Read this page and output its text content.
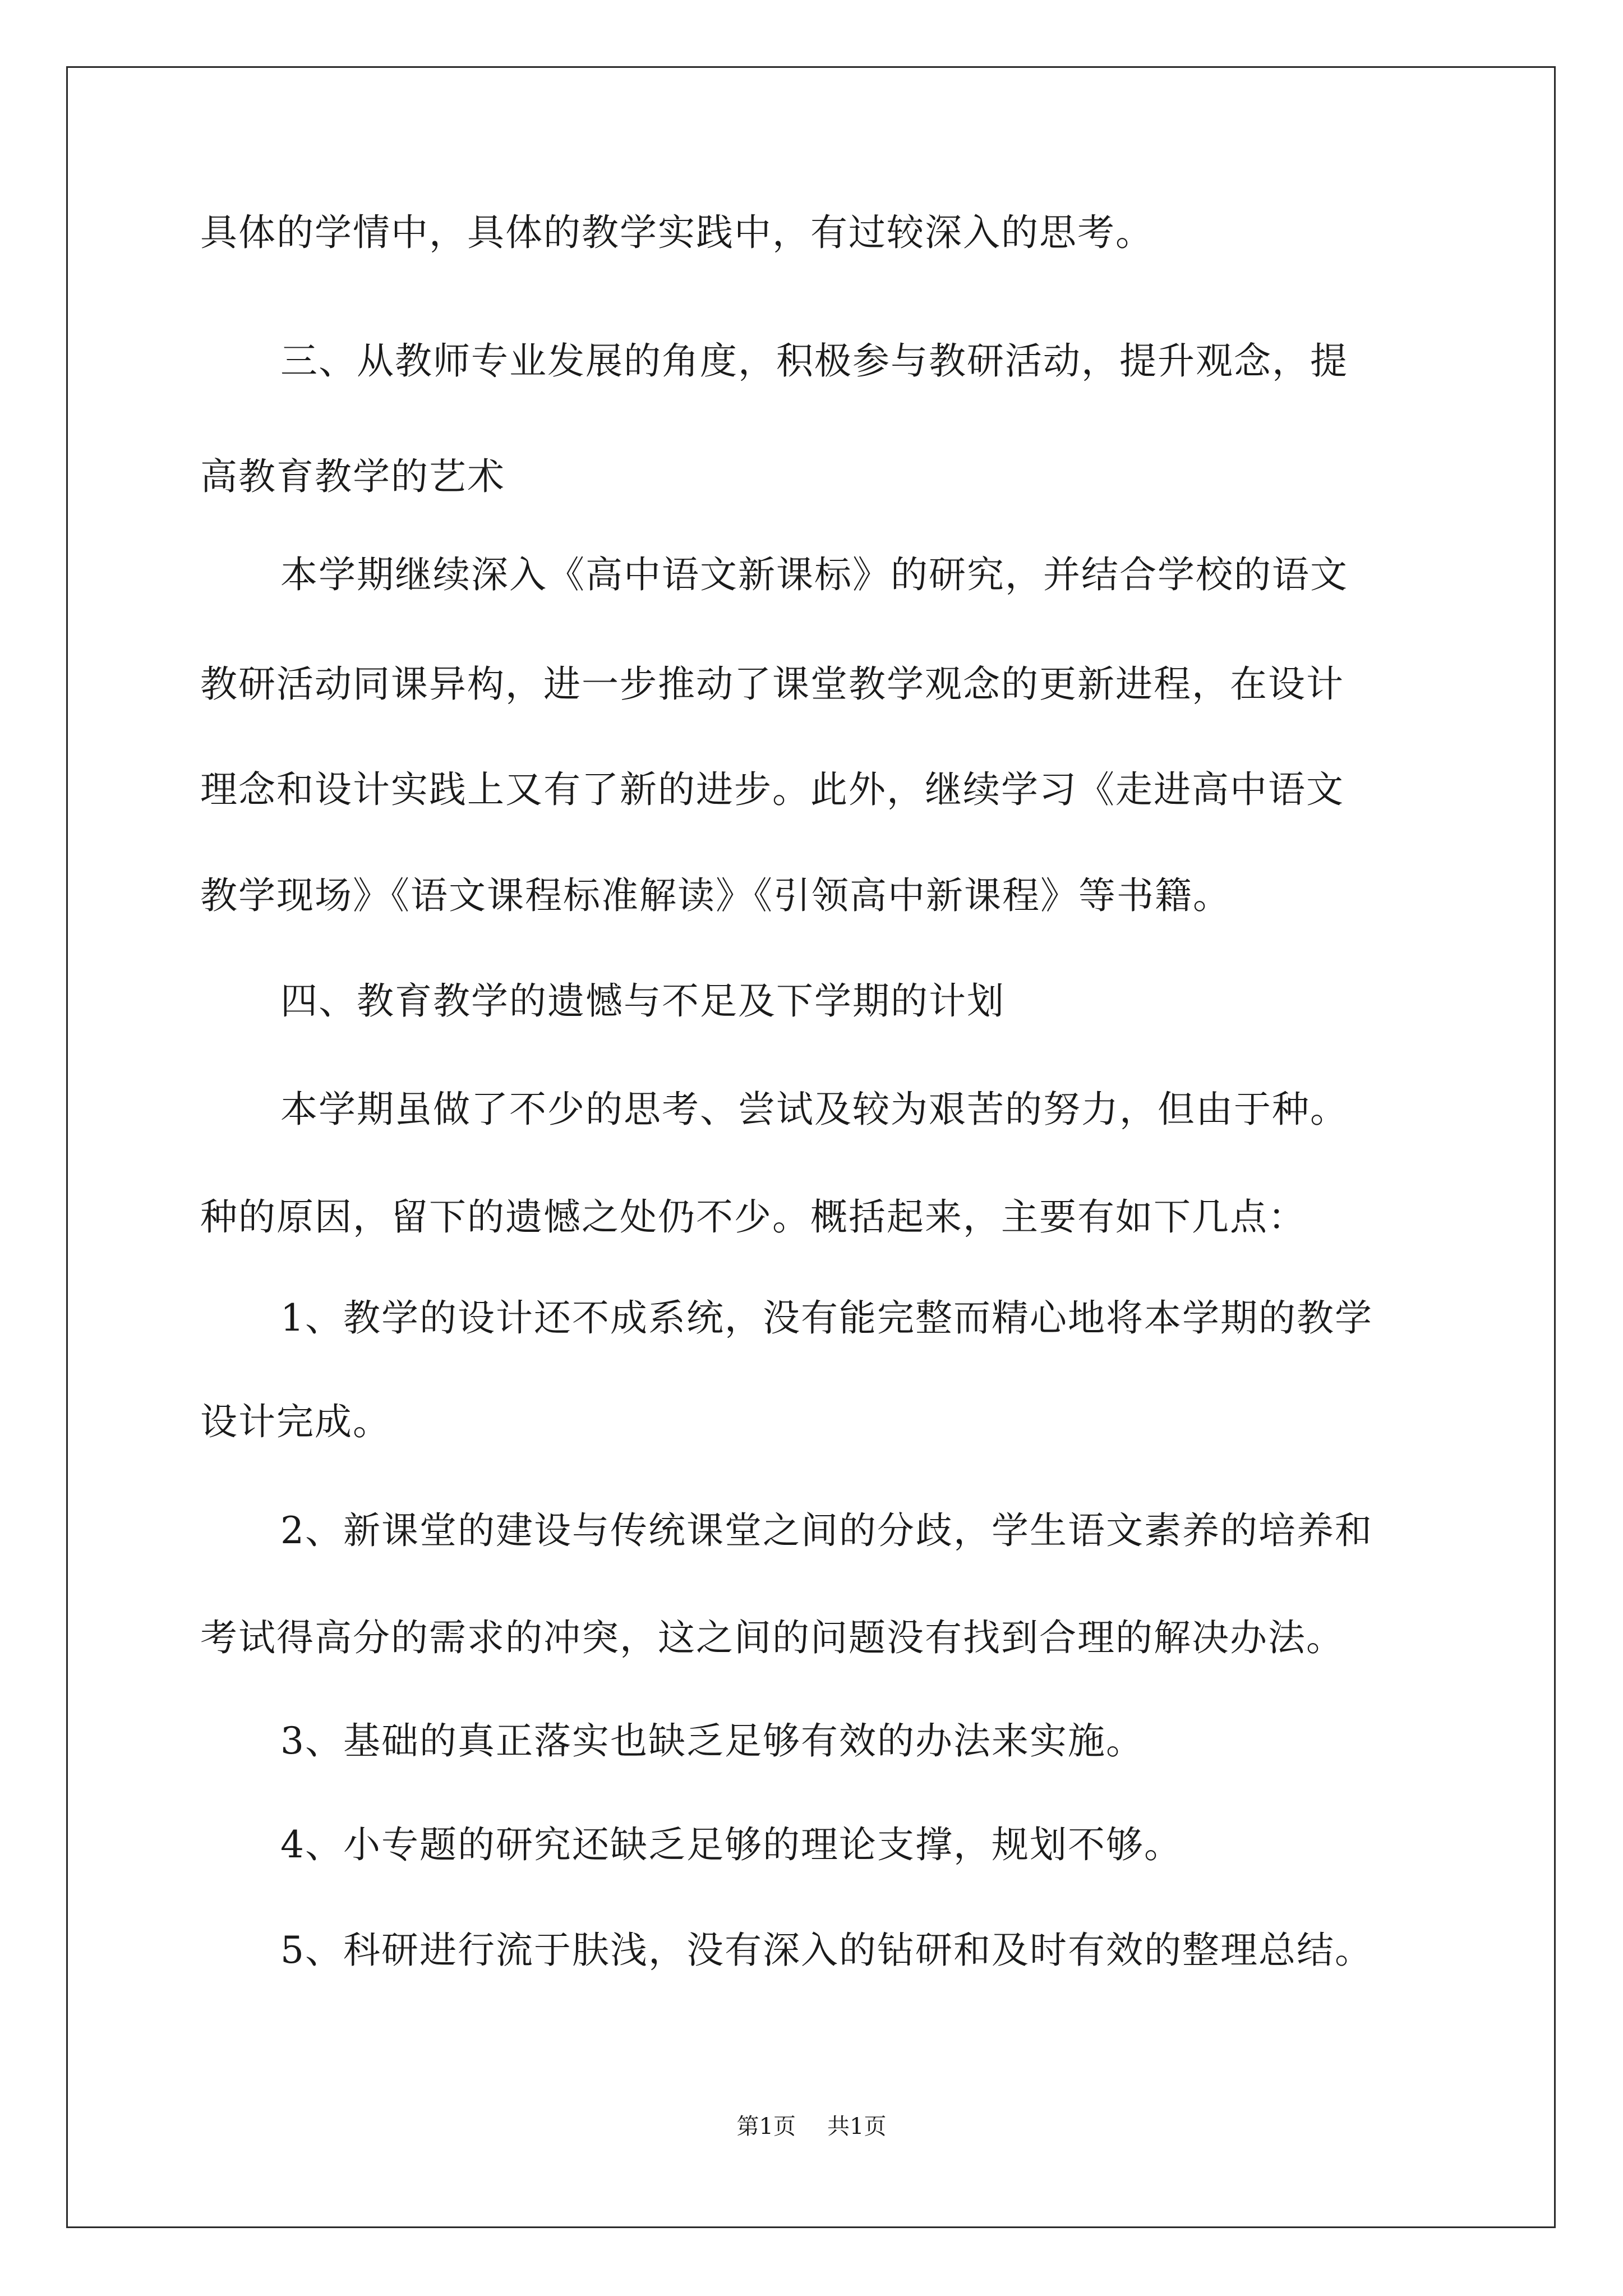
具体的学情中，具体的教学实践中，有过较深入的思考。

三、从教师专业发展的角度，积极参与教研活动，提升观念，提

高教育教学的艺术

本学期继续深入《高中语文新课标》的研究，并结合学校的语文

教研活动同课异构，进一步推动了课堂教学观念的更新进程，在设计

理念和设计实践上又有了新的进步。此外，继续学习《走进高中语文

教学现场》《语文课程标准解读》《引领高中新课程》等书籍。

四、教育教学的遗憾与不足及下学期的计划

本学期虽做了不少的思考、尝试及较为艰苦的努力，但由于种。

种的原因，留下的遗憾之处仍不少。概括起来，主要有如下几点：

1、教学的设计还不成系统，没有能完整而精心地将本学期的教学

设计完成。

2、新课堂的建设与传统课堂之间的分歧，学生语文素养的培养和

考试得高分的需求的冲突，这之间的问题没有找到合理的解决办法。

3、基础的真正落实也缺乏足够有效的办法来实施。

4、小专题的研究还缺乏足够的理论支撑，规划不够。

5、科研进行流于肤浅，没有深入的钻研和及时有效的整理总结。

第1页 共1页
